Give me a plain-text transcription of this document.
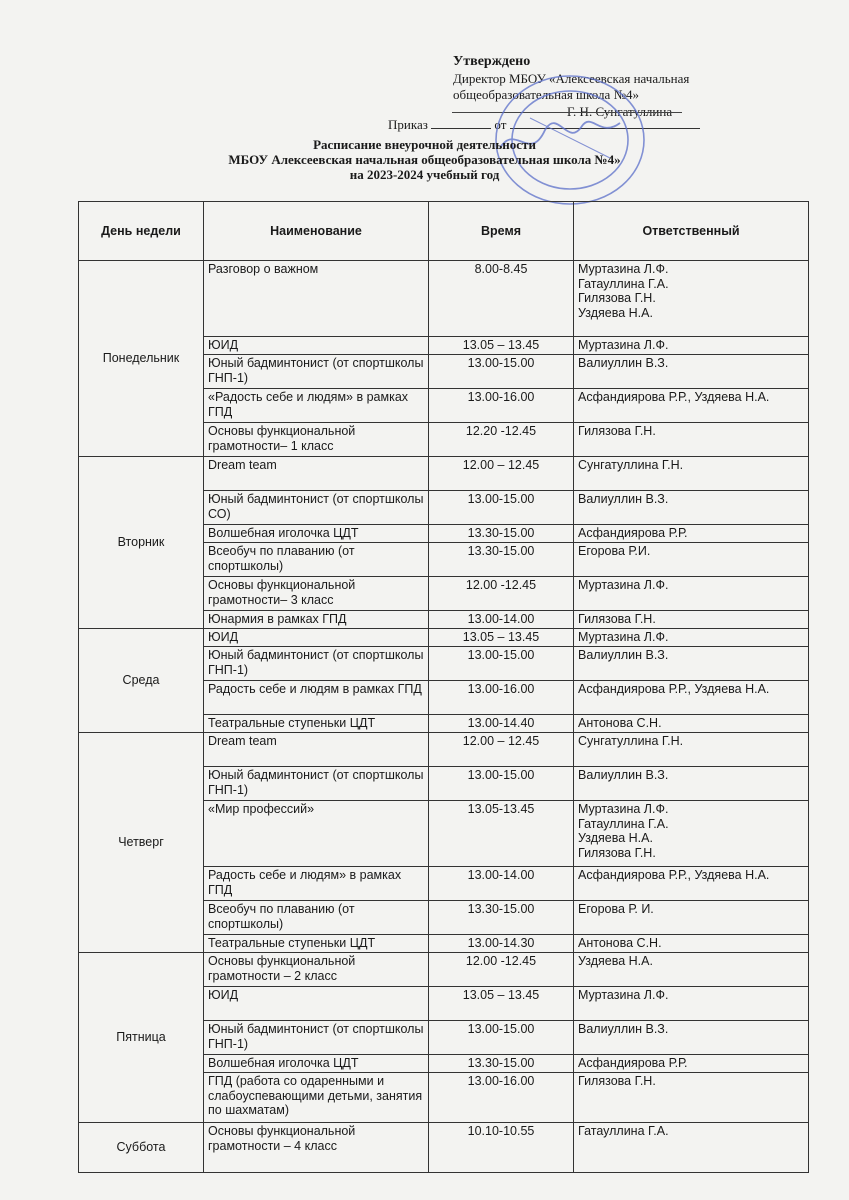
Утверждено
Директор МБОУ «Алексеевская начальная
общеобразовательная школа №4»
Г. Н. Сунгатуллина
Приказ	от
Расписание внеурочной деятельности
МБОУ Алексеевская начальная общеобразовательная школа №4»
на 2023-2024 учебный год
День недели	Наименование	Время	Ответственный
Понедельник	Разговор о важном	8.00-8.45	Муртазина Л.Ф.
Гатауллина Г.А.
Гилязова Г.Н.
Уздяева Н.А.
	ЮИД	13.05 – 13.45	Муртазина Л.Ф.
	Юный бадминтонист (от спортшколы ГНП-1)	13.00-15.00	Валиуллин В.З.
	«Радость себе и людям» в рамках ГПД	13.00-16.00	Асфандиярова Р.Р., Уздяева Н.А.
	Основы функциональной грамотности– 1 класс	12.20 -12.45	Гилязова Г.Н.
Вторник	Dream team	12.00 – 12.45	Сунгатуллина Г.Н.
	Юный бадминтонист (от спортшколы СО)	13.00-15.00	Валиуллин В.З.
	Волшебная иголочка ЦДТ	13.30-15.00	Асфандиярова Р.Р.
	Всеобуч по плаванию (от спортшколы)	13.30-15.00	Егорова Р.И.
	Основы функциональной грамотности– 3 класс	12.00 -12.45	Муртазина Л.Ф.
	Юнармия в рамках ГПД	13.00-14.00	Гилязова Г.Н.
Среда	ЮИД	13.05 – 13.45	Муртазина Л.Ф.
	Юный бадминтонист (от спортшколы ГНП-1)	13.00-15.00	Валиуллин В.З.
	Радость себе и людям в рамках ГПД	13.00-16.00	Асфандиярова Р.Р., Уздяева Н.А.
	Театральные ступеньки ЦДТ	13.00-14.40	Антонова С.Н.
Четверг	Dream team	12.00 – 12.45	Сунгатуллина Г.Н.
	Юный бадминтонист (от спортшколы ГНП-1)	13.00-15.00	Валиуллин В.З.
	«Мир профессий»	13.05-13.45	Муртазина Л.Ф.
Гатауллина Г.А.
Уздяева Н.А.
Гилязова Г.Н.
	Радость себе и людям» в рамках ГПД	13.00-14.00	Асфандиярова Р.Р., Уздяева Н.А.
	Всеобуч по плаванию (от спортшколы)	13.30-15.00	Егорова Р. И.
	Театральные ступеньки ЦДТ	13.00-14.30	Антонова С.Н.
Пятница	Основы функциональной грамотности – 2 класс	12.00 -12.45	Уздяева Н.А.
	ЮИД	13.05 – 13.45	Муртазина Л.Ф.
	Юный бадминтонист (от спортшколы ГНП-1)	13.00-15.00	Валиуллин В.З.
	Волшебная иголочка ЦДТ	13.30-15.00	Асфандиярова Р.Р.
	ГПД (работа со одаренными и слабоуспевающими детьми, занятия по шахматам)	13.00-16.00	Гилязова Г.Н.
Суббота	Основы функциональной грамотности – 4 класс	10.10-10.55	Гатауллина Г.А.
